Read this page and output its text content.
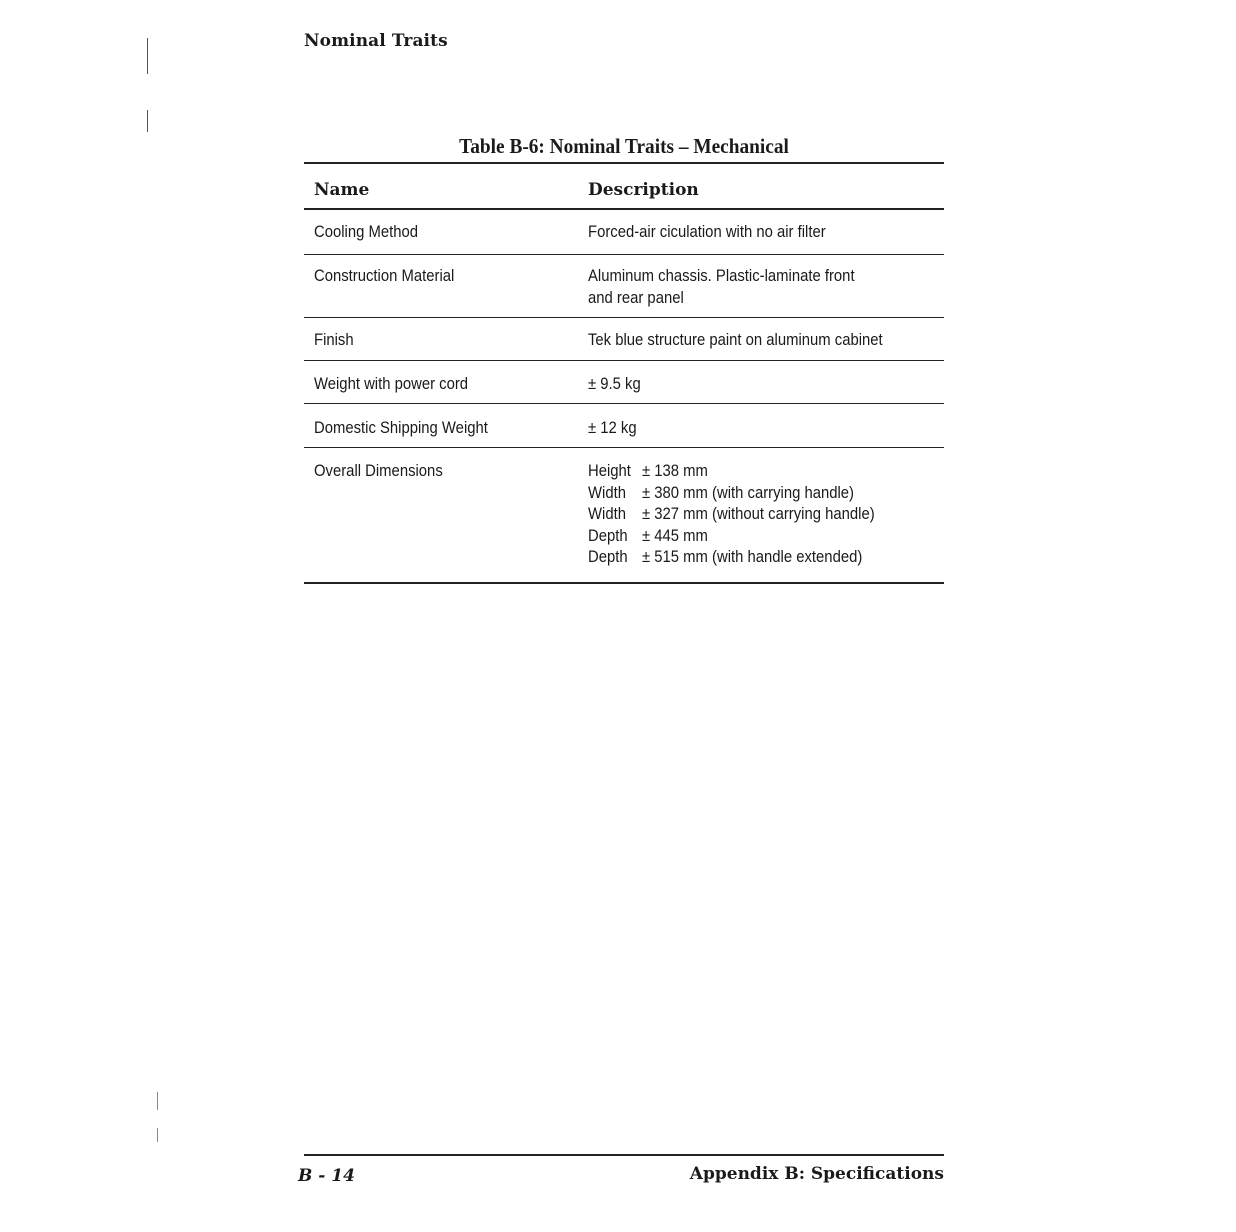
Nominal Traits
Table B-6: Nominal Traits – Mechanical
Name	Description
Cooling Method	Forced-air ciculation with no air filter
Construction Material	Aluminum chassis. Plastic-laminate front
and rear panel
Finish	Tek blue structure paint on aluminum cabinet
Weight with power cord	± 9.5 kg
Domestic Shipping Weight	± 12 kg
Overall Dimensions	Height ± 138 mm
Width ± 380 mm (with carrying handle)
Width ± 327 mm (without carrying handle)
Depth ± 445 mm
Depth ± 515 mm (with handle extended)
B - 14	Appendix B: Specifications
